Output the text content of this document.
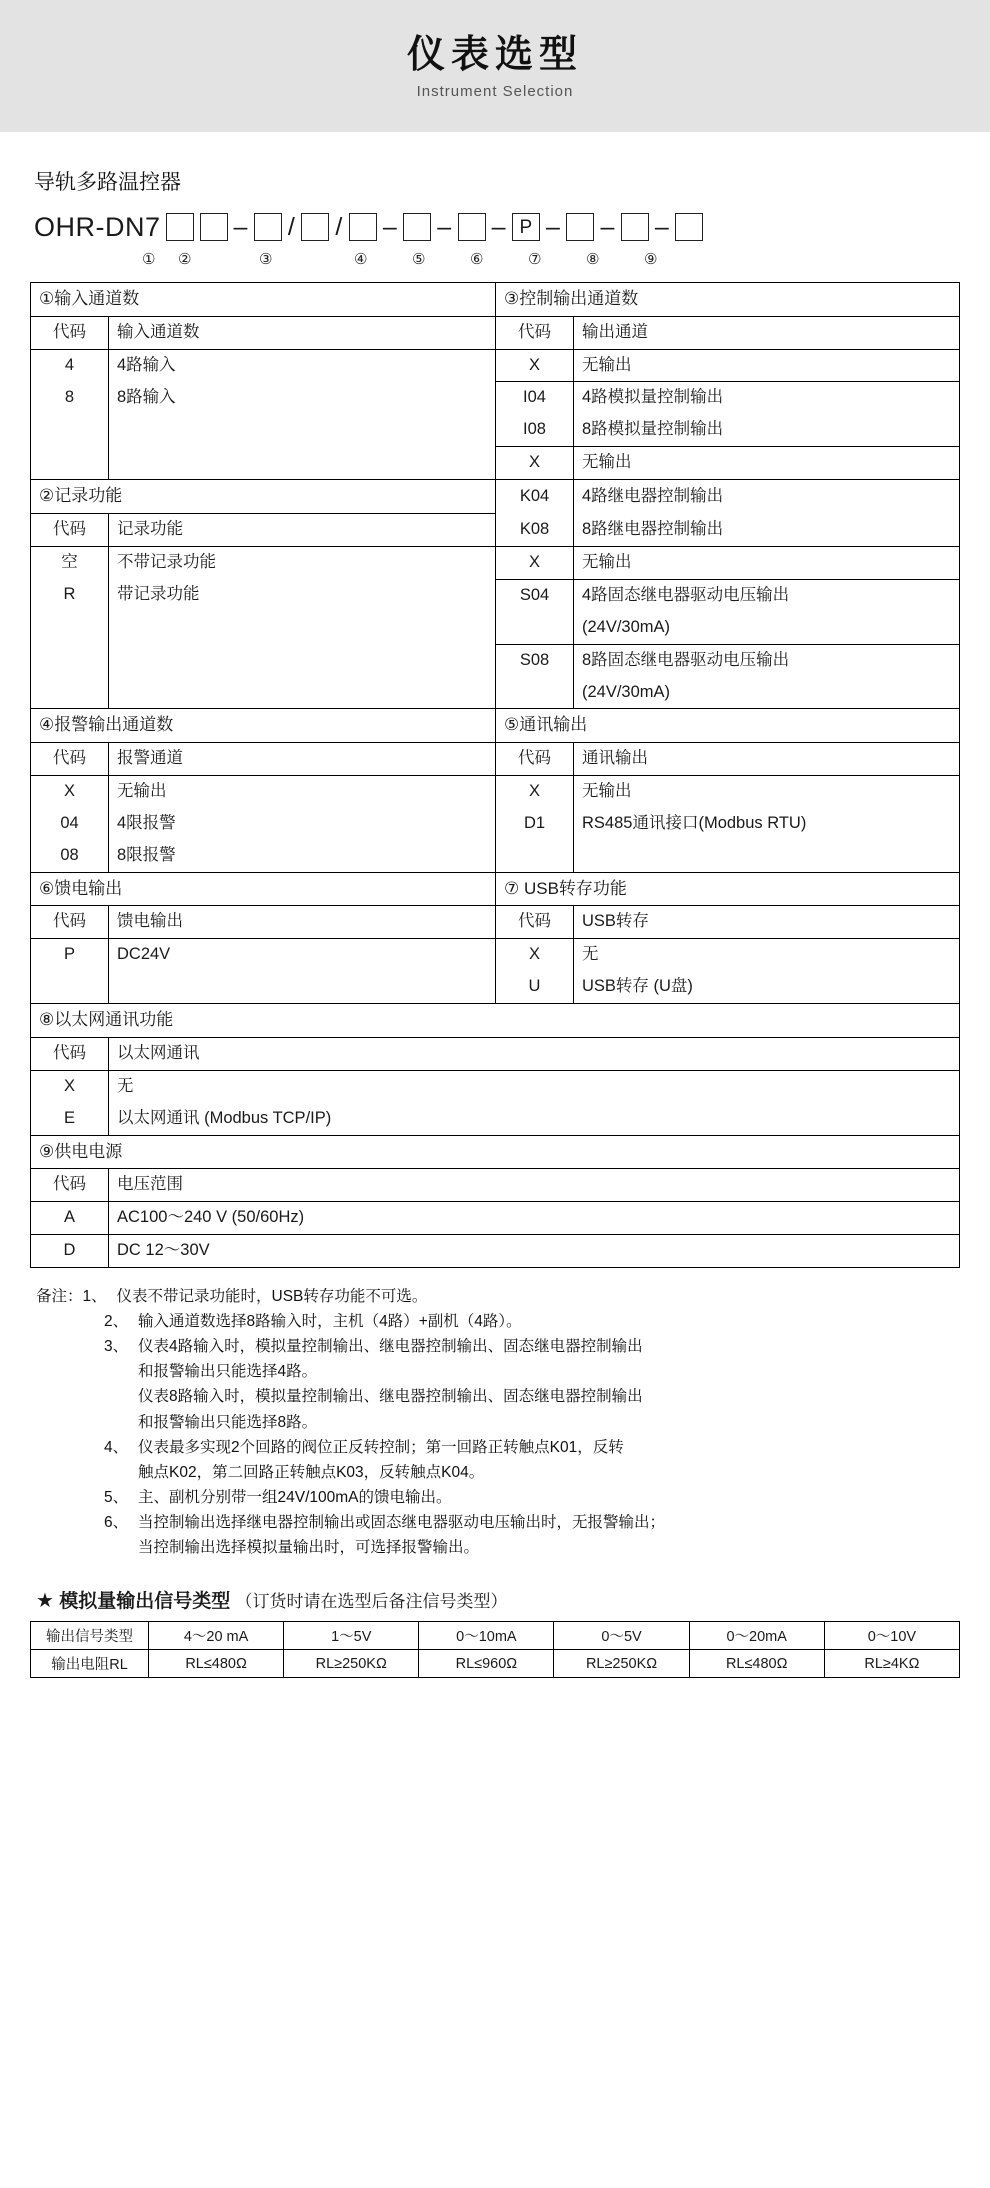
仪表选型
Instrument Selection
导轨多路温控器
OHR-DN7	– / / – – – P – – –
① ②	③	④	⑤	⑥	⑦	⑧	⑨
①输入通道数		③控制输出通道数	
代码	输入通道数	代码	输出通道
4	4路输入	X	无输出
8	8路输入	I04	4路模拟量控制输出
		I08	8路模拟量控制输出
		X	无输出
②记录功能		K04	4路继电器控制输出
代码	记录功能	K08	8路继电器控制输出
空	不带记录功能	X	无输出
R	带记录功能	S04	4路固态继电器驱动电压输出
			(24V/30mA)
		S08	8路固态继电器驱动电压输出
			(24V/30mA)
④报警输出通道数		⑤通讯输出	
代码	报警通道	代码	通讯输出
X	无输出	X	无输出
04	4限报警	D1	RS485通讯接口(Modbus RTU)
08	8限报警		
⑥馈电输出		⑦ USB转存功能	
代码	馈电输出	代码	USB转存
P	DC24V	X	无
		U	USB转存 (U盘)
⑧以太网通讯功能	
代码	以太网通讯
X	无
E	以太网通讯 (Modbus TCP/IP)
⑨供电电源	
代码	电压范围
A	AC100～240 V (50/60Hz)
D	DC 12～30V
备注： 1、 仪表不带记录功能时，USB转存功能不可选。
2、 输入通道数选择8路输入时，主机（4路）+副机（4路）。
3、 仪表4路输入时，模拟量控制输出、继电器控制输出、固态继电器控制输出
和报警输出只能选择4路。
仪表8路输入时，模拟量控制输出、继电器控制输出、固态继电器控制输出
和报警输出只能选择8路。
4、 仪表最多实现2个回路的阀位正反转控制；第一回路正转触点K01，反转
触点K02，第二回路正转触点K03，反转触点K04。
5、 主、副机分别带一组24V/100mA的馈电输出。
6、 当控制输出选择继电器控制输出或固态继电器驱动电压输出时，无报警输出；
当控制输出选择模拟量输出时，可选择报警输出。
★ 模拟量输出信号类型 （订货时请在选型后备注信号类型）
输出信号类型	4～20 mA	1～5V	0～10mA	0～5V	0～20mA	0～10V
输出电阻RL	RL≤480Ω	RL≥250KΩ	RL≤960Ω	RL≥250KΩ	RL≤480Ω	RL≥4KΩ
